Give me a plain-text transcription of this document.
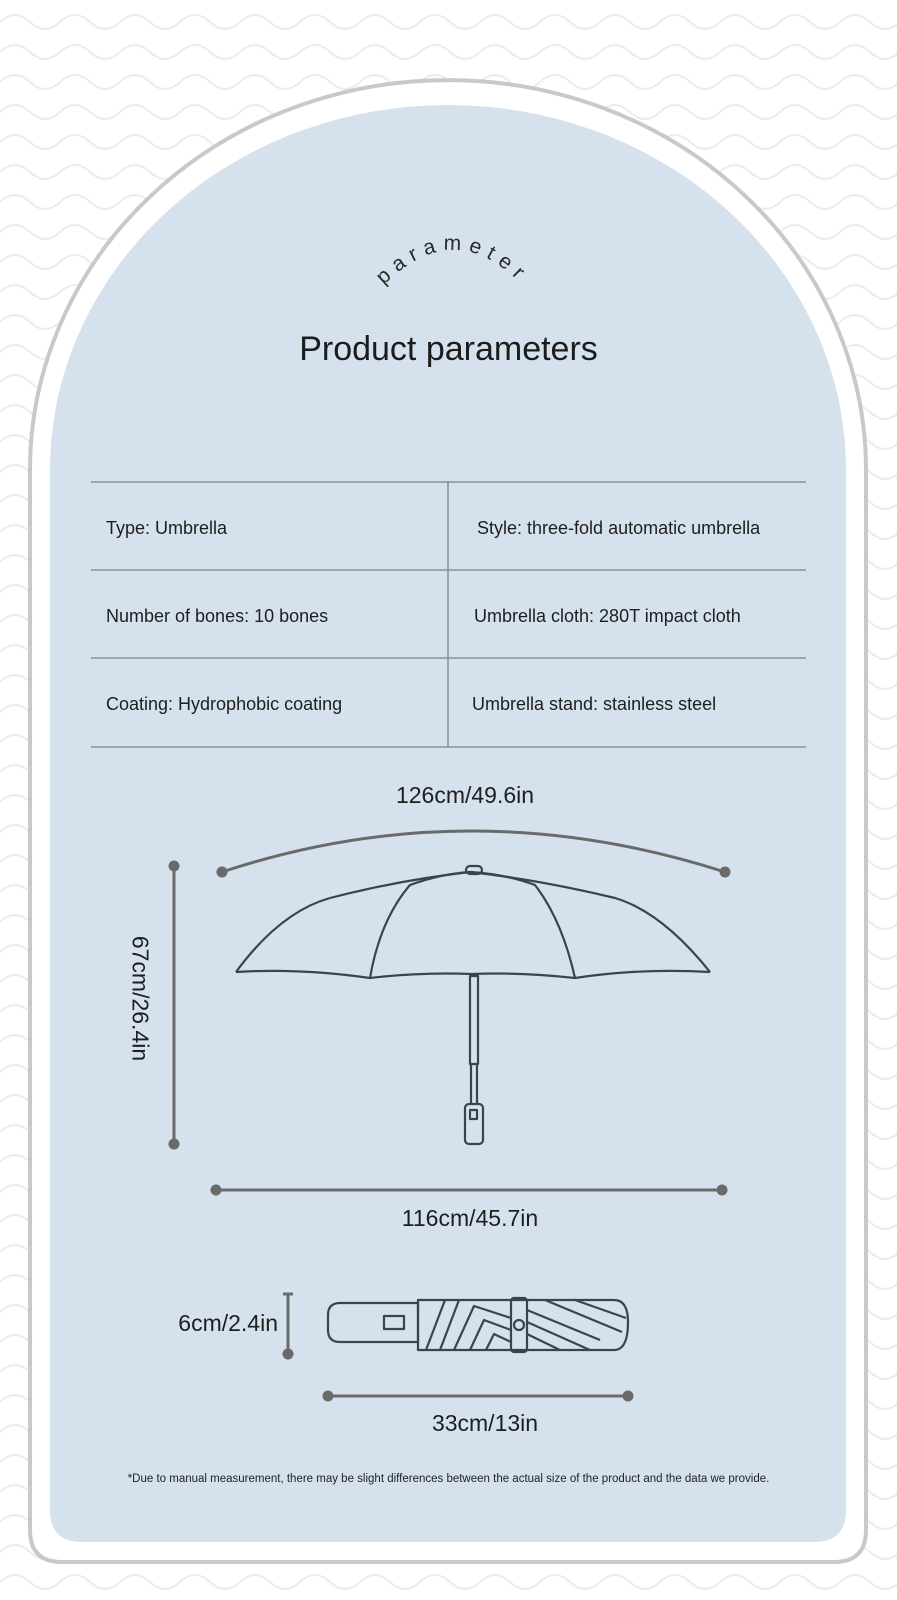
parameter
Product parameters
Type: Umbrella	Style: three-fold automatic umbrella
Number of bones: 10 bones	Umbrella cloth: 280T impact cloth
Coating: Hydrophobic coating	Umbrella stand: stainless steel
126cm/49.6in
67cm/26.4in
116cm/45.7in
6cm/2.4in
33cm/13in
*Due to manual measurement, there may be slight differences between the actual size of the product and the data we provide.
